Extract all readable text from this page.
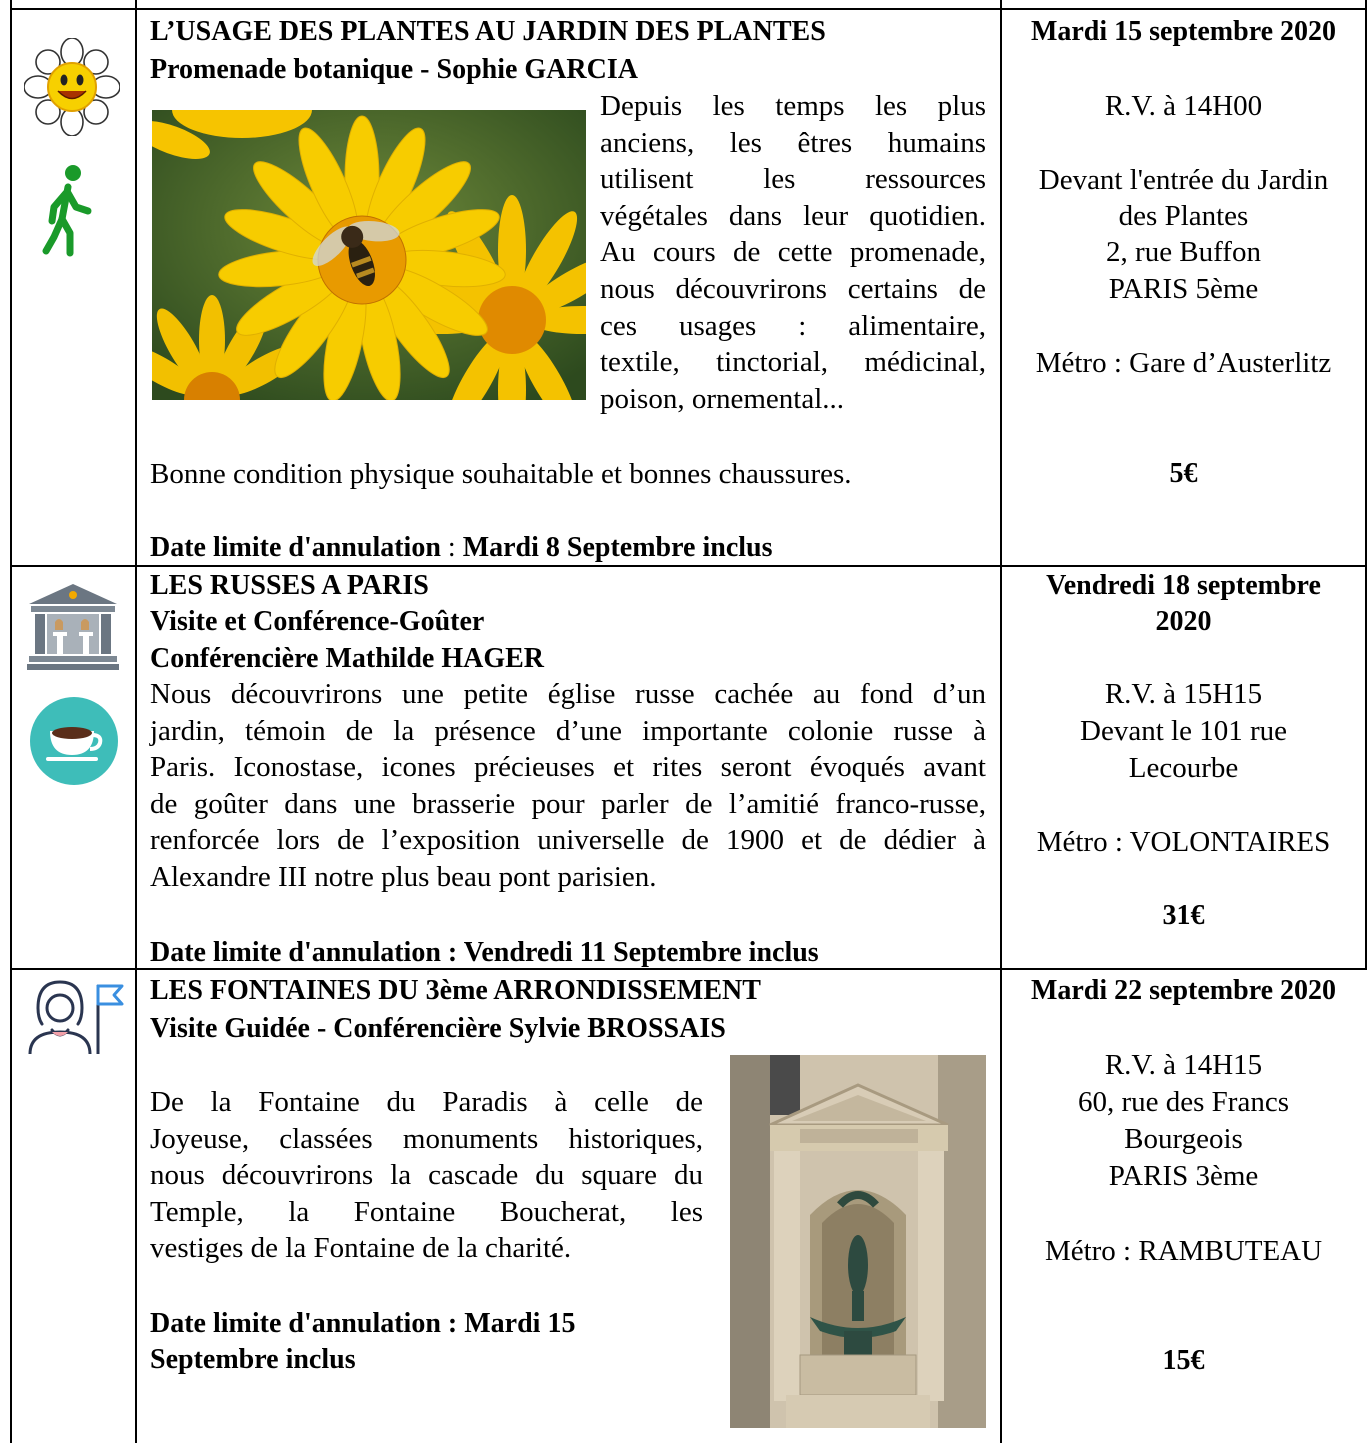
L’USAGE DES PLANTES AU JARDIN DES PLANTES
Promenade botanique - Sophie GARCIA
Depuis les temps les plus
anciens, les êtres humains
utilisent les ressources
végétales dans leur quotidien.
Au cours de cette promenade,
nous découvrirons certains de
ces usages : alimentaire,
textile, tinctorial, médicinal,
poison, ornemental...
Bonne condition physique souhaitable et bonnes chaussures.
Date limite d'annulation : Mardi 8 Septembre inclus
Mardi 15 septembre 2020
R.V. à 14H00
Devant l'entrée du Jardin
des Plantes
2, rue Buffon
PARIS 5ème
Métro : Gare d’Austerlitz
5€
LES RUSSES A PARIS
Visite et Conférence-Goûter
Conférencière Mathilde HAGER
Nous découvrirons une petite église russe cachée au fond d’un
jardin, témoin de la présence d’une importante colonie russe à
Paris. Iconostase, icones précieuses et rites seront évoqués avant
de goûter dans une brasserie pour parler de l’amitié franco-russe,
renforcée lors de l’exposition universelle de 1900 et de dédier à
Alexandre III notre plus beau pont parisien.
Date limite d'annulation : Vendredi 11 Septembre inclus
Vendredi 18 septembre
2020
R.V. à 15H15
Devant le 101 rue
Lecourbe
Métro : VOLONTAIRES
31€
LES FONTAINES DU 3ème ARRONDISSEMENT
Visite Guidée - Conférencière Sylvie BROSSAIS
De la Fontaine du Paradis à celle de
Joyeuse, classées monuments historiques,
nous découvrirons la cascade du square du
Temple, la Fontaine Boucherat, les
vestiges de la Fontaine de la charité.
Date limite d'annulation : Mardi 15
Septembre inclus
Mardi 22 septembre 2020
R.V. à 14H15
60, rue des Francs
Bourgeois
PARIS 3ème
Métro : RAMBUTEAU
15€
